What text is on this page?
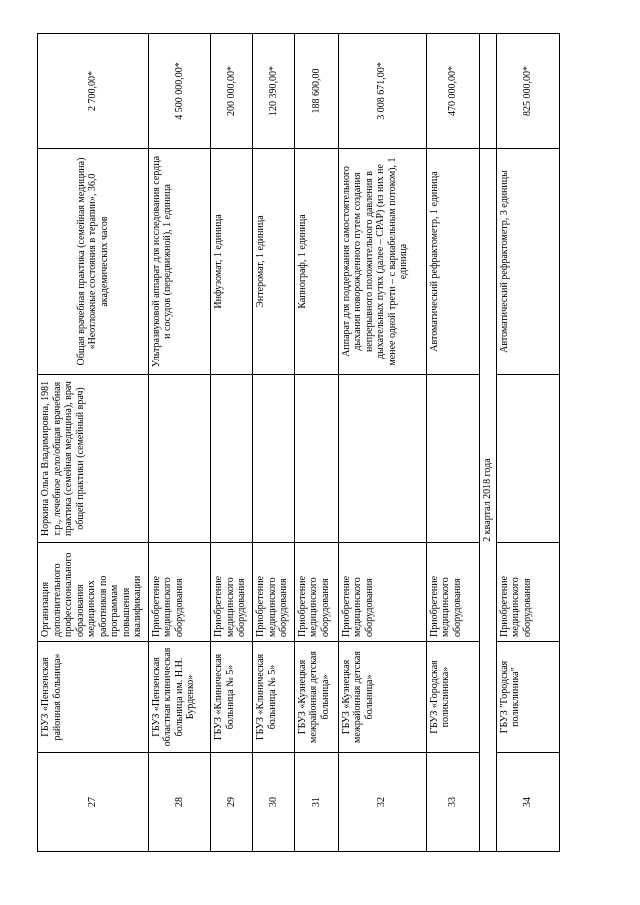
27	ГБУЗ «Пензенская районная больница»	Организация дополнительного профессионального образования медицинских работников по программам повышения квалификации	Норкина Ольга Владимировна, 1981 г.р., лечебное дело/общая врачебная практика (семейная медицина), врач общей практики (семейный врач)	Общая врачебная практика (семейная медицина) «Неотложные состояния в терапии», 36,0 академических часов	2 700,00*
28	ГБУЗ «Пензенская областная клиническая больница им. Н.Н. Бурденко»	Приобретение медицинского оборудования		Ультразвуковой аппарат для исследования сердца и сосудов (передвижной), 1 единица	4 500 000,00*
29	ГБУЗ «Клиническая больница № 5»	Приобретение медицинского оборудования		Инфузомат, 1 единица	200 000,00*
30	ГБУЗ «Клиническая больница № 5»	Приобретение медицинского оборудования		Энтеромат, 1 единица	120 390,00*
31	ГБУЗ «Кузнецкая межрайонная детская больница»	Приобретение медицинского оборудования		Капнограф, 1 единица	188 600,00
32	ГБУЗ «Кузнецкая межрайонная детская больница»	Приобретение медицинского оборудования		Аппарат для поддержания самостоятельного дыхания новорожденного путем создания непрерывного положительного давления в дыхательных путях (далее – СРАР) (из них не менее одной трети – с вариабельным потоком), 1 единица	3 008 671,00*
33	ГБУЗ «Городская поликлиника»	Приобретение медицинского оборудования		Автоматический рефрактометр, 1 единица	470 000,00*
2 квартал 2018 года					
34	ГБУЗ "Городская поликлиника"	Приобретение медицинского оборудования		Автоматический рефрактометр, 3 единицы	825 000,00*
